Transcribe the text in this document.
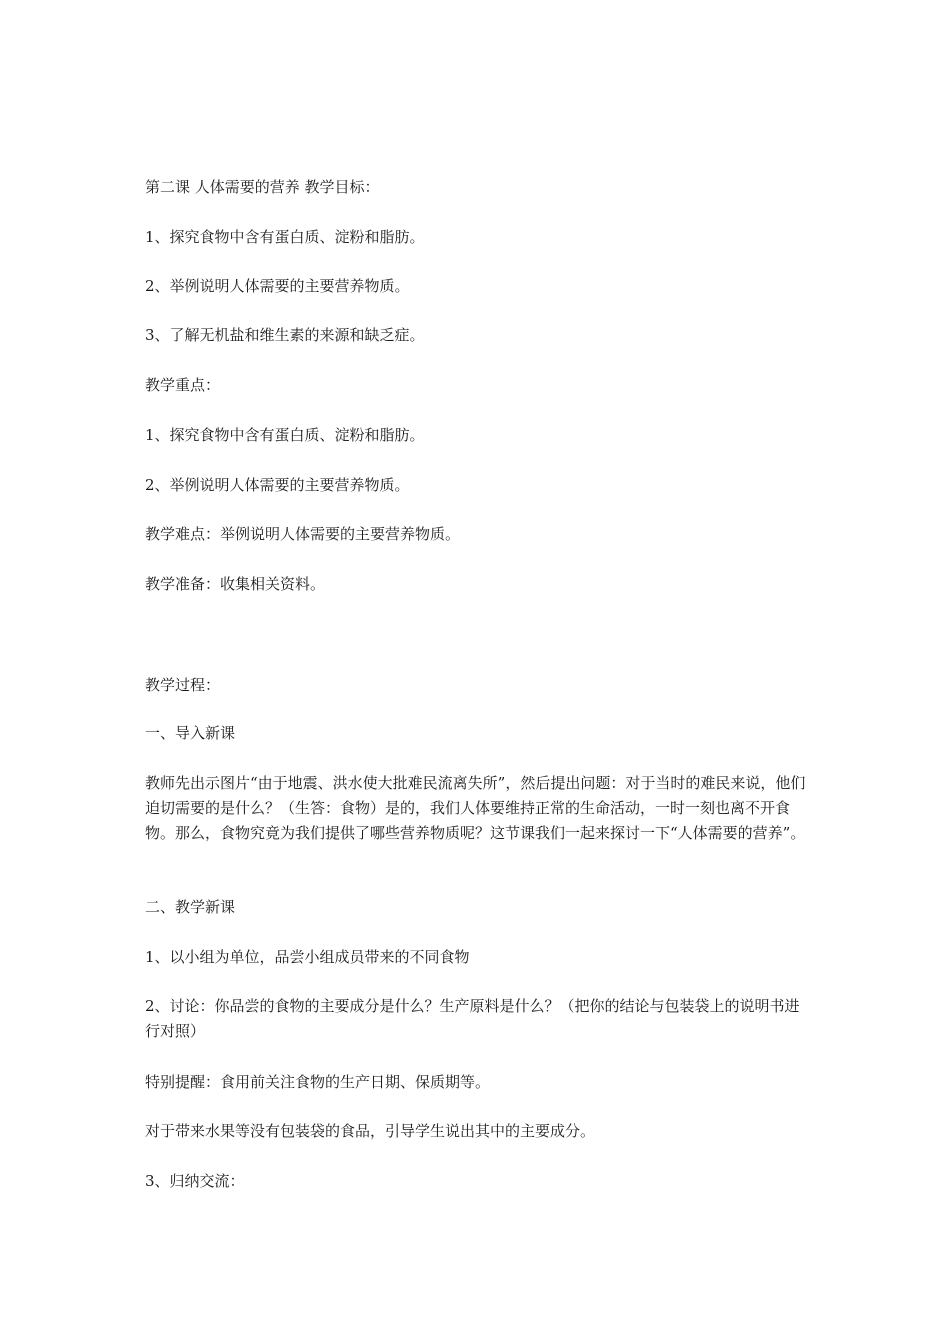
第二课 人体需要的营养 教学目标：

1、探究食物中含有蛋白质、淀粉和脂肪。

2、举例说明人体需要的主要营养物质。

3、了解无机盐和维生素的来源和缺乏症。

教学重点：

1、探究食物中含有蛋白质、淀粉和脂肪。

2、举例说明人体需要的主要营养物质。

教学难点：举例说明人体需要的主要营养物质。

教学准备：收集相关资料。

教学过程：

一、导入新课

教师先出示图片“由于地震、洪水使大批难民流离失所”，然后提出问题：对于当时的难民来说，他们迫切需要的是什么？（生答：食物）是的，我们人体要维持正常的生命活动，一时一刻也离不开食物。那么，食物究竟为我们提供了哪些营养物质呢？这节课我们一起来探讨一下“人体需要的营养”。

二、教学新课

1、以小组为单位，品尝小组成员带来的不同食物

2、讨论：你品尝的食物的主要成分是什么？生产原料是什么？（把你的结论与包装袋上的说明书进行对照）

特别提醒：食用前关注食物的生产日期、保质期等。

对于带来水果等没有包装袋的食品，引导学生说出其中的主要成分。

3、归纳交流：
